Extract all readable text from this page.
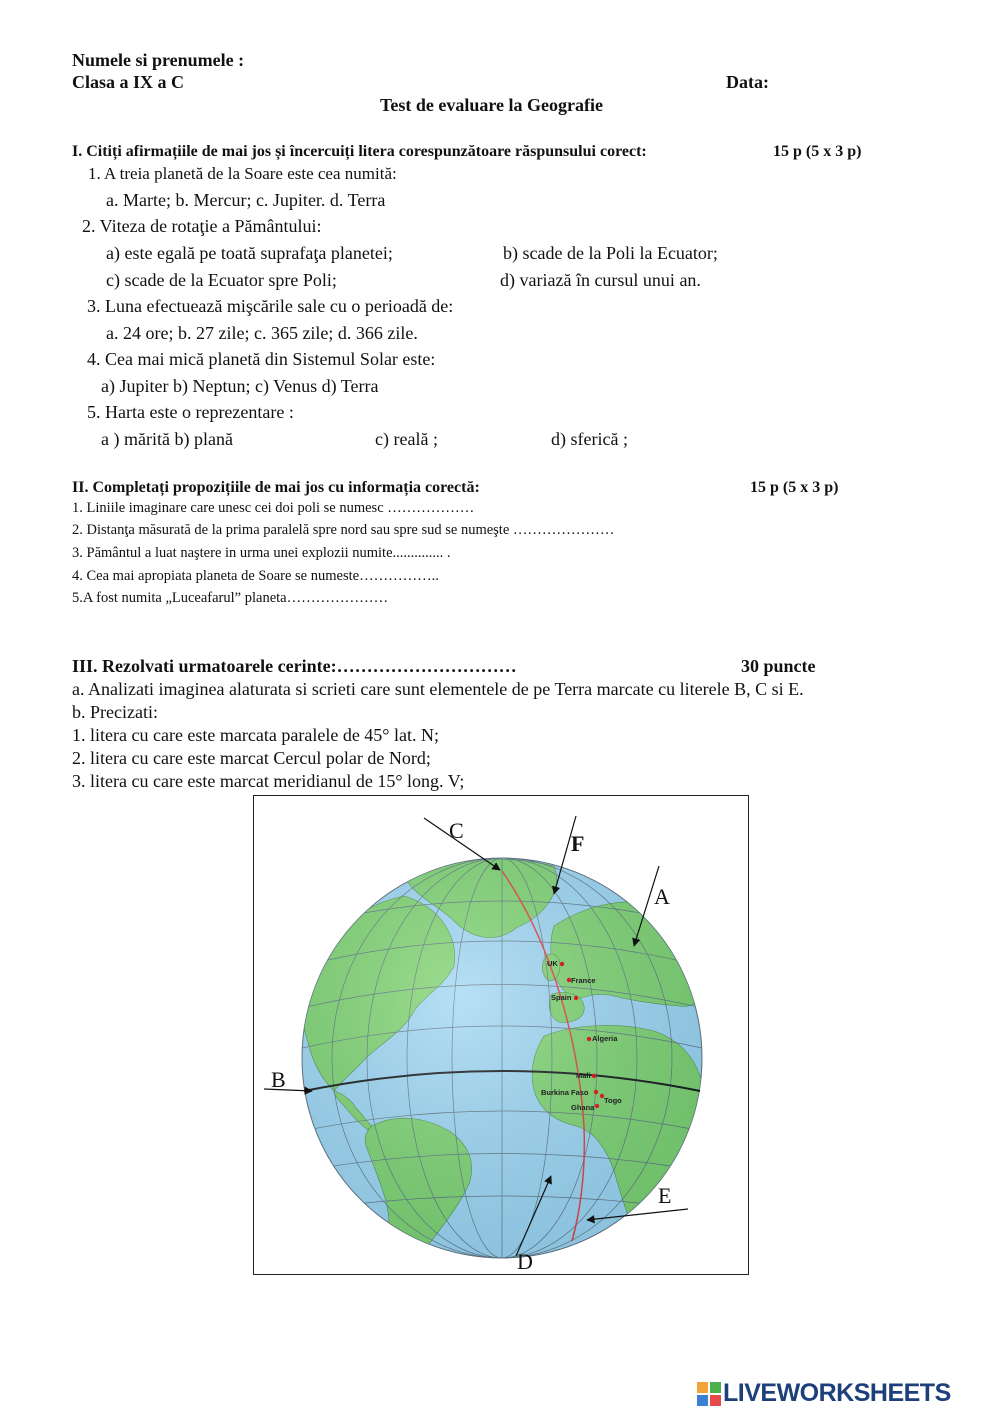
Numele si prenumele :
Clasa a IX a C	Data:
Test de evaluare la Geografie
I. Citiți afirmațiile de mai jos și încercuiți litera corespunzătoare răspunsului corect:	15 p (5 x 3 p)
1. A treia planetă de la Soare este cea numită:
a. Marte; b. Mercur; c. Jupiter. d. Terra
2. Viteza de rotaţie a Pământului:
a) este egală pe toată suprafaţa planetei;	b) scade de la Poli la Ecuator;
c) scade de la Ecuator spre Poli;	d) variază în cursul unui an.
3. Luna efectuează mişcările sale cu o perioadă de:
a. 24 ore; b. 27 zile; c. 365 zile; d. 366 zile.
4. Cea mai mică planetă din Sistemul Solar este:
a) Jupiter b) Neptun; c) Venus d) Terra
5. Harta este o reprezentare :
a ) mărită b) plană	c) reală ;	d) sferică ;
II. Completați propozițiile de mai jos cu informația corectă:	15 p (5 x 3 p)
1. Liniile imaginare care unesc cei doi poli se numesc ………………
2. Distanţa măsurată de la prima paralelă spre nord sau spre sud se numeşte …………………
3. Pământul a luat naştere in urma unei explozii numite.............. .
4. Cea mai apropiata planeta de Soare se numeste……………..
5.A fost numita „Luceafarul” planeta…………………
III. Rezolvati urmatoarele cerinte:…………………………	30 puncte
a. Analizati imaginea alaturata si scrieti care sunt elementele de pe Terra marcate cu literele B, C si E.
b. Precizati:
1. litera cu care este marcata paralele de 45° lat. N;
2. litera cu care este marcat Cercul polar de Nord;
3. litera cu care este marcat meridianul de 15° long. V;
UK
France
Spain
Algeria
Mali
Burkina Faso
Togo
Ghana
C
F
A
B
E
D
LIVEWORKSHEETS
